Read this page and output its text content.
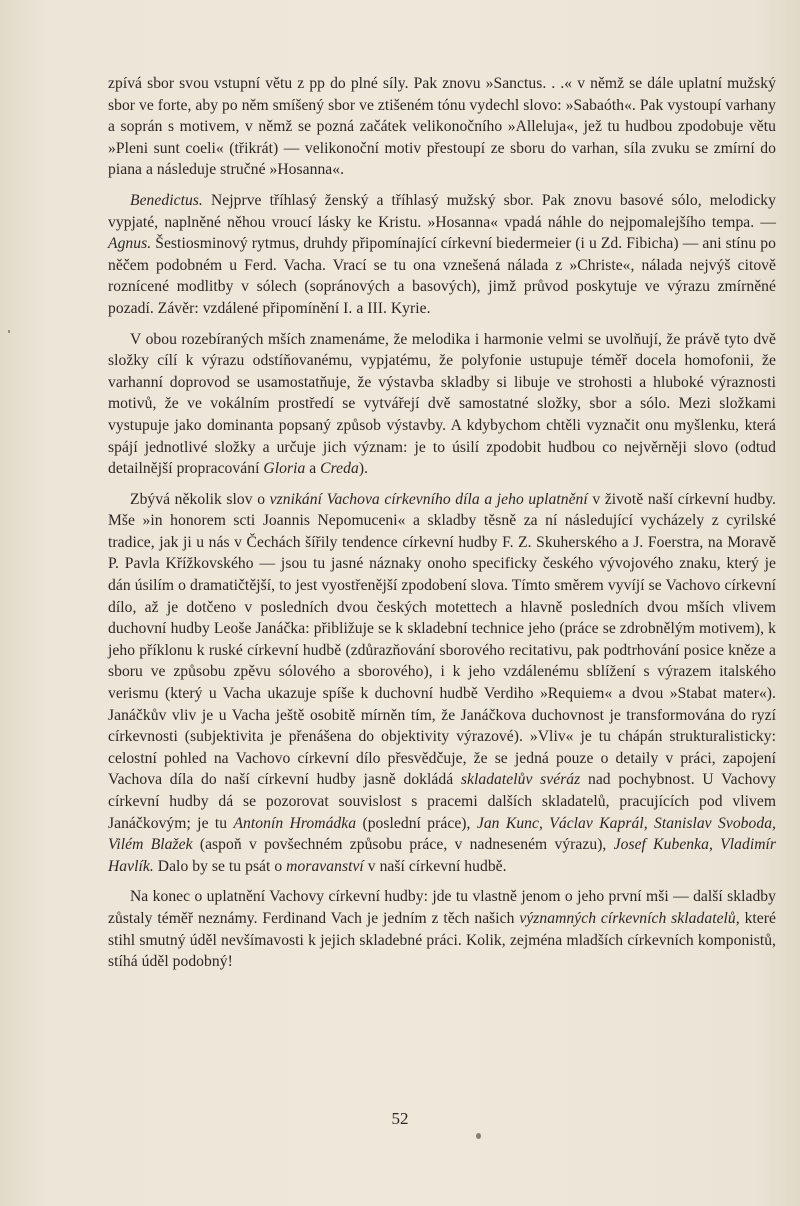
zpívá sbor svou vstupní větu z pp do plné síly. Pak znovu »Sanctus. . .« v němž se dále uplatní mužský sbor ve forte, aby po něm smíšený sbor ve ztišeném tónu vydechl slovo: »Sabaóth«. Pak vystoupí varhany a soprán s motivem, v němž se pozná začátek velikonočního »Alleluja«, jež tu hudbou zpodobuje větu »Pleni sunt coeli« (třikrát) — velikonoční motiv přestoupí ze sboru do varhan, síla zvuku se zmírní do piana a následuje stručné »Hosanna«.

Benedictus. Nejprve tříhlasý ženský a tříhlasý mužský sbor. Pak znovu basové sólo, melodicky vypjaté, naplněné něhou vroucí lásky ke Kristu. »Hosanna« vpadá náhle do nejpomalejšího tempa. — Agnus. Šestiosminový rytmus, druhdy připomínající církevní biedermeier (i u Zd. Fibicha) — ani stínu po něčem podobném u Ferd. Vacha. Vrací se tu ona vznešená nálada z »Christe«, nálada nejvýš citově roznícené modlitby v sólech (sopránových a basových), jimž průvod poskytuje ve výrazu zmírněné pozadí. Závěr: vzdálené připomínění I. a III. Kyrie.

V obou rozebíraných mších znamenáme, že melodika i harmonie velmi se uvolňují, že právě tyto dvě složky cílí k výrazu odstíňovanému, vypjatému, že polyfonie ustupuje téměř docela homofonii, že varhanní doprovod se usamostatňuje, že výstavba skladby si libuje ve strohosti a hluboké výraznosti motivů, že ve vokálním prostředí se vytvářejí dvě samostatné složky, sbor a sólo. Mezi složkami vystupuje jako dominanta popsaný způsob výstavby. A kdybychom chtěli vyznačit onu myšlenku, která spájí jednotlivé složky a určuje jich význam: je to úsilí zpodobit hudbou co nejvěrněji slovo (odtud detailnější propracování Gloria a Creda).

Zbývá několik slov o vznikání Vachova církevního díla a jeho uplatnění v životě naší církevní hudby. Mše »in honorem scti Joannis Nepomuceni« a skladby těsně za ní následující vycházely z cyrilské tradice, jak ji u nás v Čechách šířily tendence církevní hudby F. Z. Skuherského a J. Foerstra, na Moravě P. Pavla Křížkovského — jsou tu jasné náznaky onoho specificky českého vývojového znaku, který je dán úsilím o dramatičtější, to jest vyostřenější zpodobení slova. Tímto směrem vyvíjí se Vachovo církevní dílo, až je dotčeno v posledních dvou českých motettech a hlavně posledních dvou mších vlivem duchovní hudby Leoše Janáčka: přibližuje se k skladební technice jeho (práce se zdrobnělým motivem), k jeho příklonu k ruské církevní hudbě (zdůrazňování sborového recitativu, pak podtrhování posice kněze a sboru ve způsobu zpěvu sólového a sborového), i k jeho vzdálenému sblížení s výrazem italského verismu (který u Vacha ukazuje spíše k duchovní hudbě Verdiho »Requiem« a dvou »Stabat mater«). Janáčkův vliv je u Vacha ještě osobitě mírněn tím, že Janáčkova duchovnost je transformována do ryzí církevnosti (subjektivita je přenášena do objektivity výrazové). »Vliv« je tu chápán strukturalisticky: celostní pohled na Vachovo církevní dílo přesvědčuje, že se jedná pouze o detaily v práci, zapojení Vachova díla do naší církevní hudby jasně dokládá skladatelův svéráz nad pochybnost. U Vachovy církevní hudby dá se pozorovat souvislost s pracemi dalších skladatelů, pracujících pod vlivem Janáčkovým; je tu Antonín Hromádka (poslední práce), Jan Kunc, Václav Kaprál, Stanislav Svoboda, Vilém Blažek (aspoň v povšechném způsobu práce, v nadneseném výrazu), Josef Kubenka, Vladimír Havlík. Dalo by se tu psát o moravanství v naší církevní hudbě.

Na konec o uplatnění Vachovy církevní hudby: jde tu vlastně jenom o jeho první mši — další skladby zůstaly téměř neznámy. Ferdinand Vach je jedním z těch našich významných církevních skladatelů, které stihl smutný úděl nevšímavosti k jejich skladebné práci. Kolik, zejména mladších církevních komponistů, stíhá úděl podobný!

52
